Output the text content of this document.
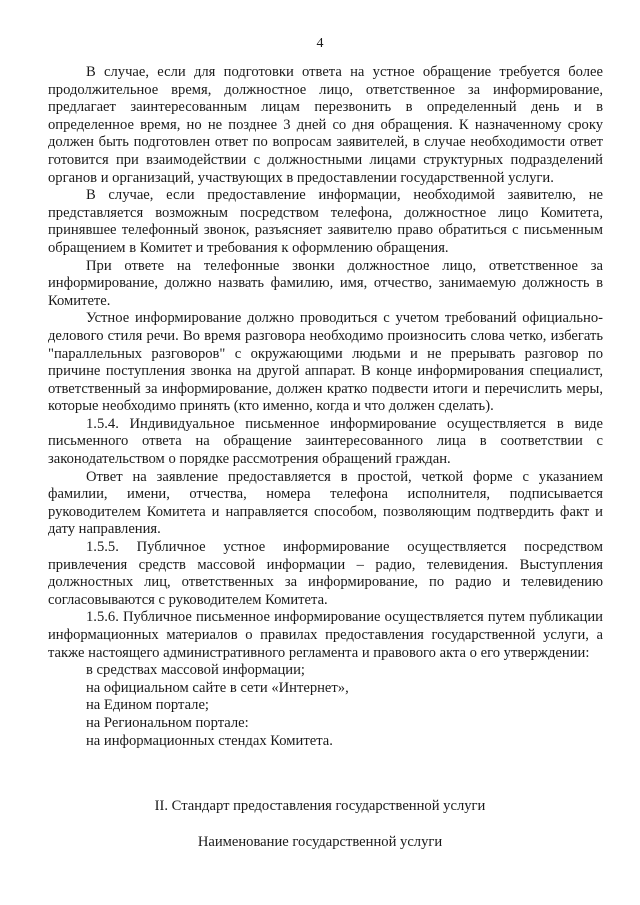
4

В случае, если для подготовки ответа на устное обращение требуется более продолжительное время, должностное лицо, ответственное за информирование, предлагает заинтересованным лицам перезвонить в определенный день и в определенное время, но не позднее 3 дней со дня обращения. К назначенному сроку должен быть подготовлен ответ по вопросам заявителей, в случае необходимости ответ готовится при взаимодействии с должностными лицами структурных подразделений органов и организаций, участвующих в предоставлении государственной услуги.

В случае, если предоставление информации, необходимой заявителю, не представляется возможным посредством телефона, должностное лицо Комитета, принявшее телефонный звонок, разъясняет заявителю право обратиться с письменным обращением в Комитет и требования к оформлению обращения.

При ответе на телефонные звонки должностное лицо, ответственное за информирование, должно назвать фамилию, имя, отчество, занимаемую должность в Комитете.

Устное информирование должно проводиться с учетом требований официально-делового стиля речи. Во время разговора необходимо произносить слова четко, избегать "параллельных разговоров" с окружающими людьми и не прерывать разговор по причине поступления звонка на другой аппарат. В конце информирования специалист, ответственный за информирование, должен кратко подвести итоги и перечислить меры, которые необходимо принять (кто именно, когда и что должен сделать).

1.5.4. Индивидуальное письменное информирование осуществляется в виде письменного ответа на обращение заинтересованного лица в соответствии с законодательством о порядке рассмотрения обращений граждан.

Ответ на заявление предоставляется в простой, четкой форме с указанием фамилии, имени, отчества, номера телефона исполнителя, подписывается руководителем Комитета и направляется способом, позволяющим подтвердить факт и дату направления.

1.5.5. Публичное устное информирование осуществляется посредством привлечения средств массовой информации – радио, телевидения. Выступления должностных лиц, ответственных за информирование, по радио и телевидению согласовываются с руководителем Комитета.

1.5.6. Публичное письменное информирование осуществляется путем публикации информационных материалов о правилах предоставления государственной услуги, а также настоящего административного регламента и правового акта о его утверждении:

в средствах массовой информации;
на официальном сайте в сети «Интернет»,
на Едином портале;
на Региональном портале:
на информационных стендах Комитета.
II. Стандарт предоставления государственной услуги
Наименование государственной услуги
